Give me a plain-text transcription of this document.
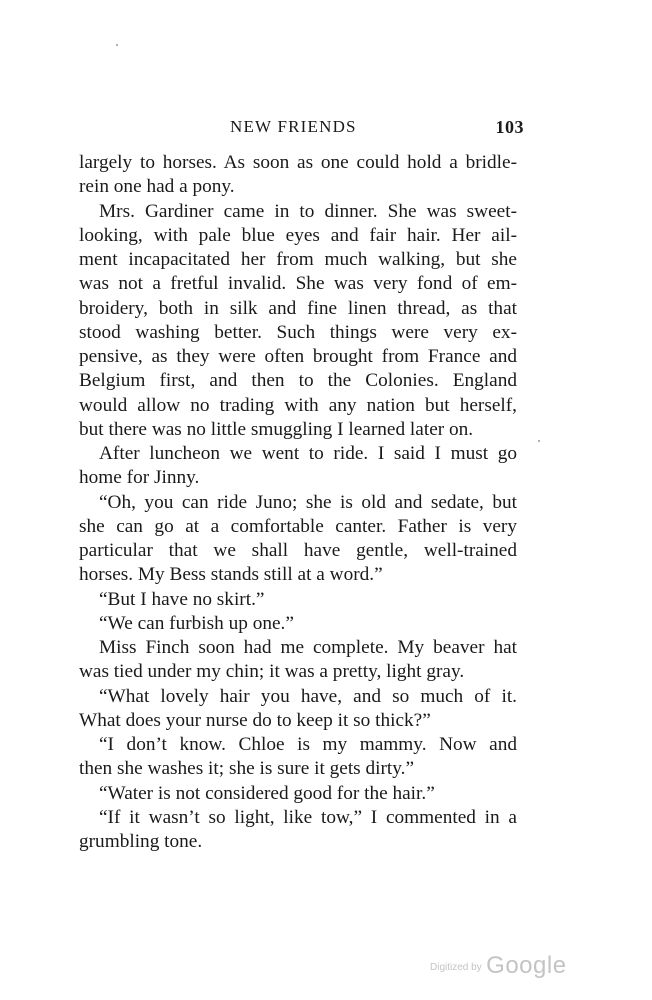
NEW FRIENDS	103
largely to horses. As soon as one could hold a bridle-
rein one had a pony.
Mrs. Gardiner came in to dinner. She was sweet-
looking, with pale blue eyes and fair hair. Her ail-
ment incapacitated her from much walking, but she
was not a fretful invalid. She was very fond of em-
broidery, both in silk and fine linen thread, as that
stood washing better. Such things were very ex-
pensive, as they were often brought from France and
Belgium first, and then to the Colonies. England
would allow no trading with any nation but herself,
but there was no little smuggling I learned later on.
After luncheon we went to ride. I said I must go
home for Jinny.
“Oh, you can ride Juno; she is old and sedate, but
she can go at a comfortable canter. Father is very
particular that we shall have gentle, well-trained
horses. My Bess stands still at a word.”
“But I have no skirt.”
“We can furbish up one.”
Miss Finch soon had me complete. My beaver hat
was tied under my chin; it was a pretty, light gray.
“What lovely hair you have, and so much of it.
What does your nurse do to keep it so thick?”
“I don’t know. Chloe is my mammy. Now and
then she washes it; she is sure it gets dirty.”
“Water is not considered good for the hair.”
“If it wasn’t so light, like tow,” I commented in a
grumbling tone.
Digitized by Google
